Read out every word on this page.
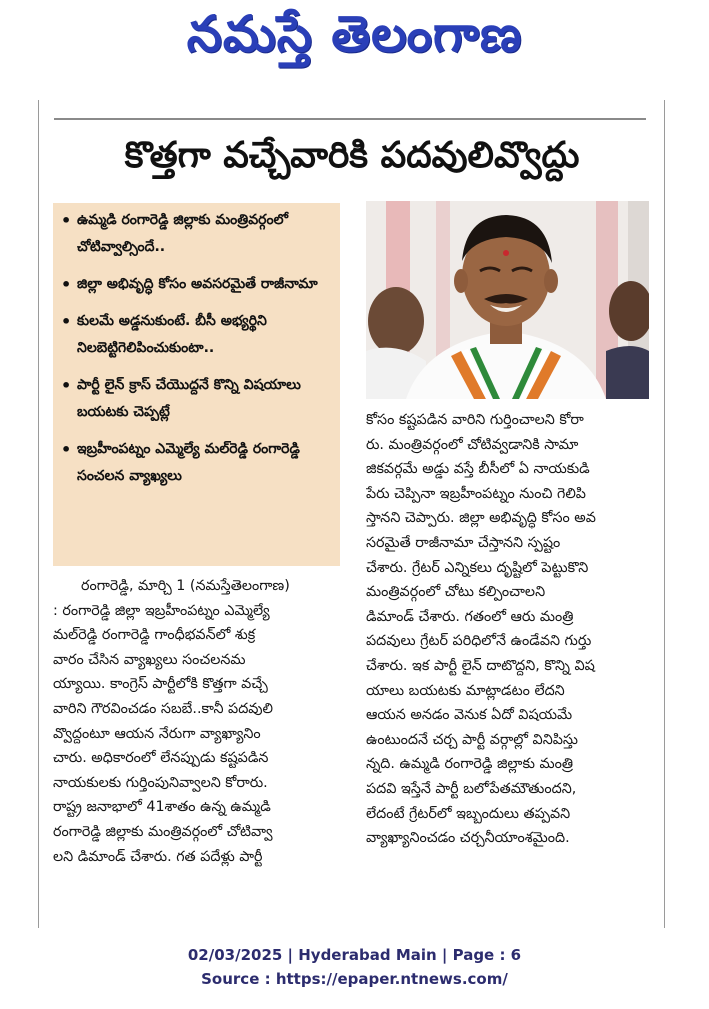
నమస్తే తెలంగాణ
కొత్తగా వచ్చేవారికి పదవులివ్వొద్దు
• ఉమ్మడి రంగారెడ్డి జిల్లాకు మంత్రివర్గంలో చోటివ్వాల్సిందే..
• జిల్లా అభివృద్ధి కోసం అవసరమైతే రాజీనామా
• కులమే అడ్డనుకుంటే. బీసీ అభ్యర్థిని నిలబెట్టిగెలిపించుకుంటా..
• పార్టీ లైన్ క్రాస్ చేయొద్దనే కొన్ని విషయాలు బయటకు చెప్పట్లే
• ఇబ్రహీంపట్నం ఎమ్మెల్యే మల్‌రెడ్డి రంగారెడ్డి సంచలన వ్యాఖ్యలు
రంగారెడ్డి, మార్చి 1 (నమస్తేతెలంగాణ)
: రంగారెడ్డి జిల్లా ఇబ్రహీంపట్నం ఎమ్మెల్యే
మల్‌రెడ్డి రంగారెడ్డి గాంధీభవన్‌లో శుక్ర
వారం చేసిన వ్యాఖ్యలు సంచలనమ
య్యాయి. కాంగ్రెస్ పార్టీలోకి కొత్తగా వచ్చే
వారిని గౌరవించడం సబబే..కానీ పదవులి
వ్వొద్దంటూ ఆయన నేరుగా వ్యాఖ్యానిం
చారు. అధికారంలో లేనప్పుడు కష్టపడిన
నాయకులకు గుర్తింపునివ్వాలని కోరారు.
రాష్ట్ర జనాభాలో 41శాతం ఉన్న ఉమ్మడి
రంగారెడ్డి జిల్లాకు మంత్రివర్గంలో చోటివ్వా
లని డిమాండ్ చేశారు. గత పదేళ్లు పార్టీ
కోసం కష్టపడిన వారిని గుర్తించాలని కోరా
రు. మంత్రివర్గంలో చోటివ్వడానికి సామా
జికవర్గమే అడ్డు వస్తే బీసీలో ఏ నాయకుడి
పేరు చెప్పినా ఇబ్రహీంపట్నం నుంచి గెలిపి
స్తానని చెప్పారు. జిల్లా అభివృద్ధి కోసం అవ
సరమైతే రాజీనామా చేస్తానని స్పష్టం
చేశారు. గ్రేటర్ ఎన్నికలు దృష్టిలో పెట్టుకొని
మంత్రివర్గంలో చోటు కల్పించాలని
డిమాండ్ చేశారు. గతంలో ఆరు మంత్రి
పదవులు గ్రేటర్ పరిధిలోనే ఉండేవని గుర్తు
చేశారు. ఇక పార్టీ లైన్ దాటొద్దని, కొన్ని విష
యాలు బయటకు మాట్లాడటం లేదని
ఆయన అనడం వెనుక ఏదో విషయమే
ఉంటుందనే చర్చ పార్టీ వర్గాల్లో వినిపిస్తు
న్నది. ఉమ్మడి రంగారెడ్డి జిల్లాకు మంత్రి
పదవి ఇస్తేనే పార్టీ బలోపేతమౌతుందని,
లేదంటే గ్రేటర్‌లో ఇబ్బందులు తప్పవని
వ్యాఖ్యానించడం చర్చనీయాంశమైంది.
02/03/2025 | Hyderabad Main | Page : 6
Source : https://epaper.ntnews.com/
